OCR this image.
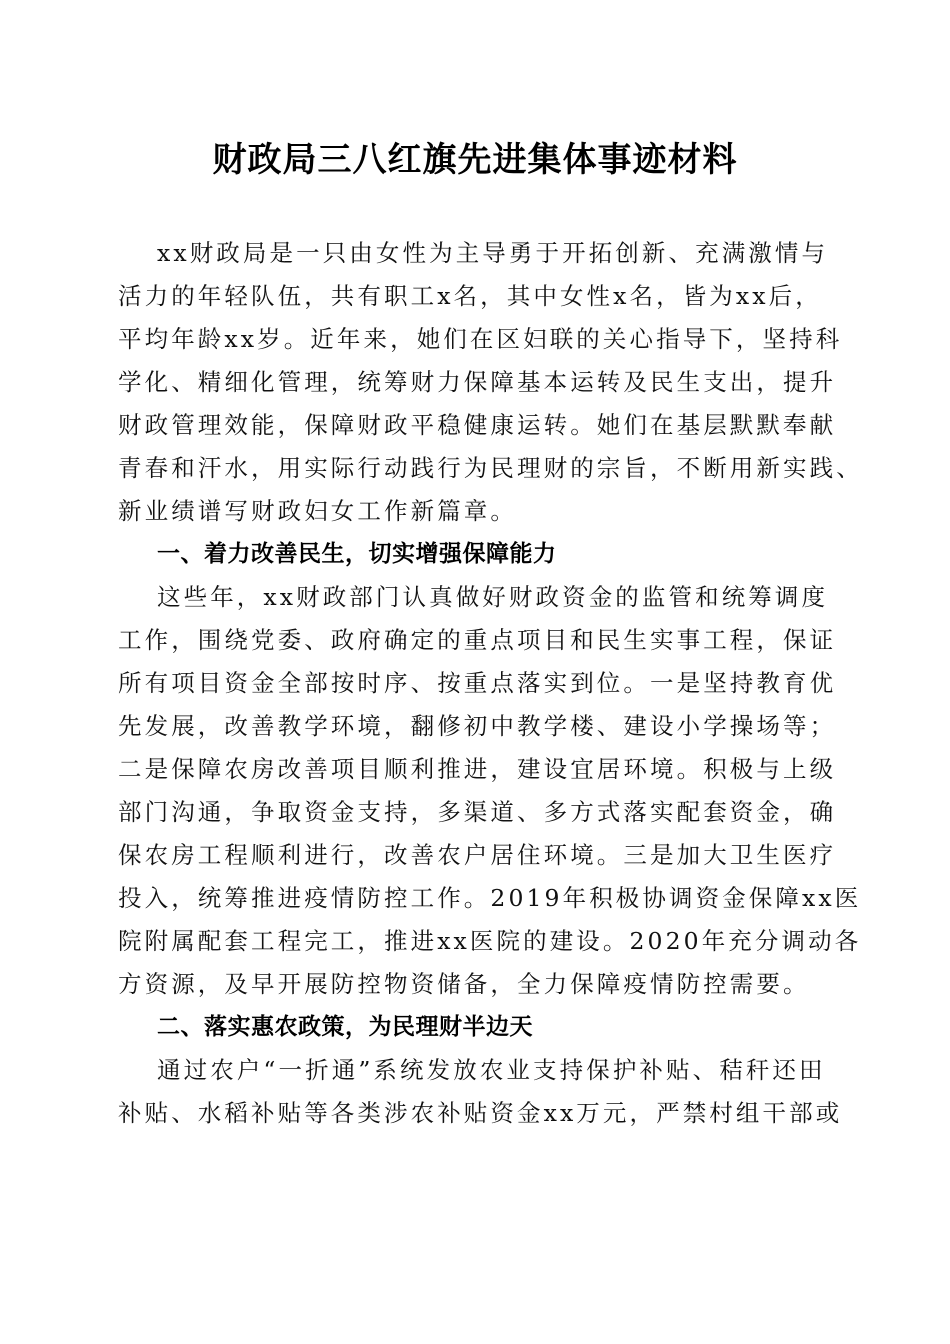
财政局三八红旗先进集体事迹材料
xx财政局是一只由女性为主导勇于开拓创新、充满激情与
活力的年轻队伍，共有职工x名，其中女性x名，皆为xx后，
平均年龄xx岁。近年来，她们在区妇联的关心指导下，坚持科
学化、精细化管理，统筹财力保障基本运转及民生支出，提升
财政管理效能，保障财政平稳健康运转。她们在基层默默奉献
青春和汗水，用实际行动践行为民理财的宗旨，不断用新实践、
新业绩谱写财政妇女工作新篇章。
一、着力改善民生，切实增强保障能力
这些年，xx财政部门认真做好财政资金的监管和统筹调度
工作，围绕党委、政府确定的重点项目和民生实事工程，保证
所有项目资金全部按时序、按重点落实到位。一是坚持教育优
先发展，改善教学环境，翻修初中教学楼、建设小学操场等；
二是保障农房改善项目顺利推进，建设宜居环境。积极与上级
部门沟通，争取资金支持，多渠道、多方式落实配套资金，确
保农房工程顺利进行，改善农户居住环境。三是加大卫生医疗
投入，统筹推进疫情防控工作。2019年积极协调资金保障xx医
院附属配套工程完工，推进xx医院的建设。2020年充分调动各
方资源，及早开展防控物资储备，全力保障疫情防控需要。
二、落实惠农政策，为民理财半边天
通过农户“一折通”系统发放农业支持保护补贴、秸秆还田
补贴、水稻补贴等各类涉农补贴资金xx万元，严禁村组干部或
